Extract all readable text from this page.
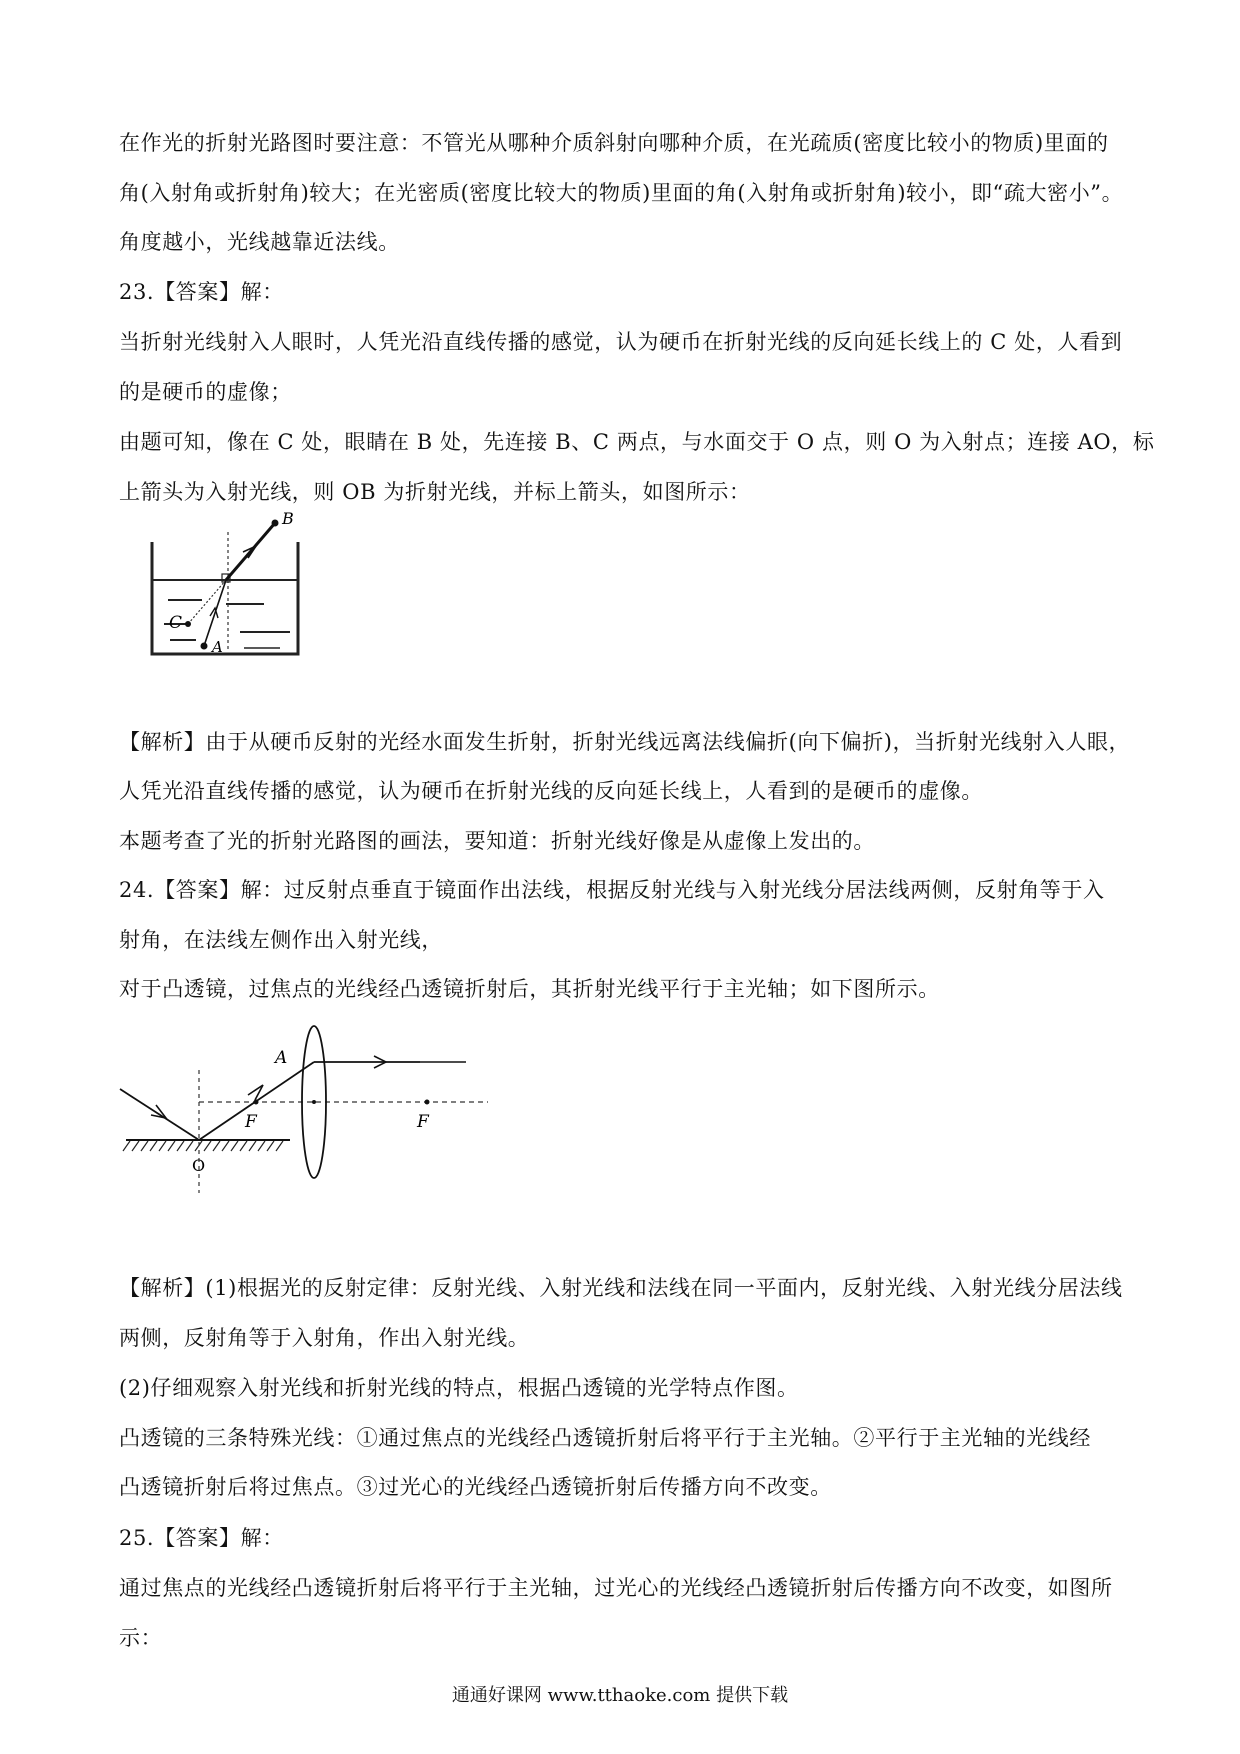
在作光的折射光路图时要注意：不管光从哪种介质斜射向哪种介质，在光疏质(密度比较小的物质)里面的
角(入射角或折射角)较大；在光密质(密度比较大的物质)里面的角(入射角或折射角)较小，即“疏大密小”。
角度越小，光线越靠近法线。
23.【答案】解：
当折射光线射入人眼时，人凭光沿直线传播的感觉，认为硬币在折射光线的反向延长线上的 C 处，人看到
的是硬币的虚像；
由题可知，像在 C 处，眼睛在 B 处，先连接 B、C 两点，与水面交于 O 点，则 O 为入射点；连接 AO，标
上箭头为入射光线，则 OB 为折射光线，并标上箭头，如图所示：
B
C
A
【解析】由于从硬币反射的光经水面发生折射，折射光线远离法线偏折(向下偏折)，当折射光线射入人眼，
人凭光沿直线传播的感觉，认为硬币在折射光线的反向延长线上，人看到的是硬币的虚像。
本题考查了光的折射光路图的画法，要知道：折射光线好像是从虚像上发出的。
24.【答案】解：过反射点垂直于镜面作出法线，根据反射光线与入射光线分居法线两侧，反射角等于入
射角，在法线左侧作出入射光线，
对于凸透镜，过焦点的光线经凸透镜折射后，其折射光线平行于主光轴；如下图所示。
A
F	F
O
【解析】(1)根据光的反射定律：反射光线、入射光线和法线在同一平面内，反射光线、入射光线分居法线
两侧，反射角等于入射角，作出入射光线。
(2)仔细观察入射光线和折射光线的特点，根据凸透镜的光学特点作图。
凸透镜的三条特殊光线：①通过焦点的光线经凸透镜折射后将平行于主光轴。②平行于主光轴的光线经
凸透镜折射后将过焦点。③过光心的光线经凸透镜折射后传播方向不改变。
25.【答案】解：
通过焦点的光线经凸透镜折射后将平行于主光轴，过光心的光线经凸透镜折射后传播方向不改变，如图所
示：
通通好课网 www.tthaoke.com 提供下载
